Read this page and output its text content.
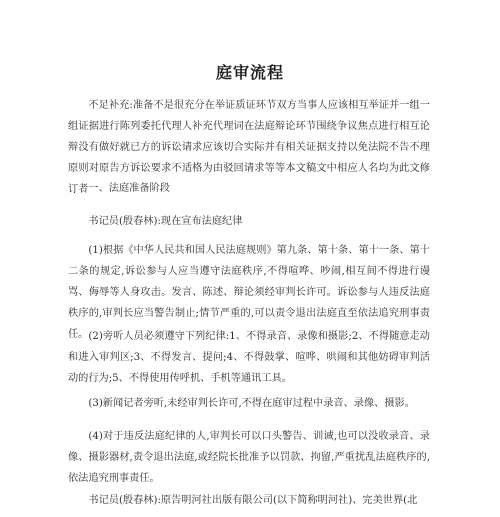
庭审流程

不足补充:准备不是很充分在举证质证环节双方当事人应该相互举证并一组一组证据进行陈列委托代理人补充代理词在法庭辩论环节围绕争议焦点进行相互论辩没有做好就已方的诉讼请求应该切合实际并有相关证据支持以免法院不告不理原则对原告方诉讼要求不适格为由驳回请求等等本文稿文中相应人名均为此文修订者 一、法庭准备阶段

书记员(殷春林):现在宣布法庭纪律

(1)根据《中华人民共和国人民法庭规则》第九条、第十条、第十一条、第十二条的规定,诉讼参与人应当遵守法庭秩序,不得喧哗、吵闹,相互间不得进行谩骂、侮辱等人身攻击。发言、陈述、辩论须经审判长许可。诉讼参与人违反法庭秩序的,审判长应当警告制止;情节严重的,可以责令退出法庭直至依法追究刑事责任。 (2)旁听人员必须遵守下列纪律:1、不得录音、录像和摄影;2、不得随意走动和进入审判区;3、不得发言、提问;4、不得鼓掌、喧哗、哄闹和其他妨碍审判活动的行为;5、不得使用传呼机、手机等通讯工具。

(3)新闻记者旁听,未经审判长许可,不得在庭审过程中录音、录像、摄影。

(4)对于违反法庭纪律的人,审判长可以口头警告、训诫,也可以没收录音、录像、摄影器材,责令退出法庭,或经院长批准予以罚款、拘留,严重扰乱法庭秩序的,依法追究刑事责任。

书记员(殷春林):原告明河社出版有限公司(以下简称明河社)、完美世界(北
